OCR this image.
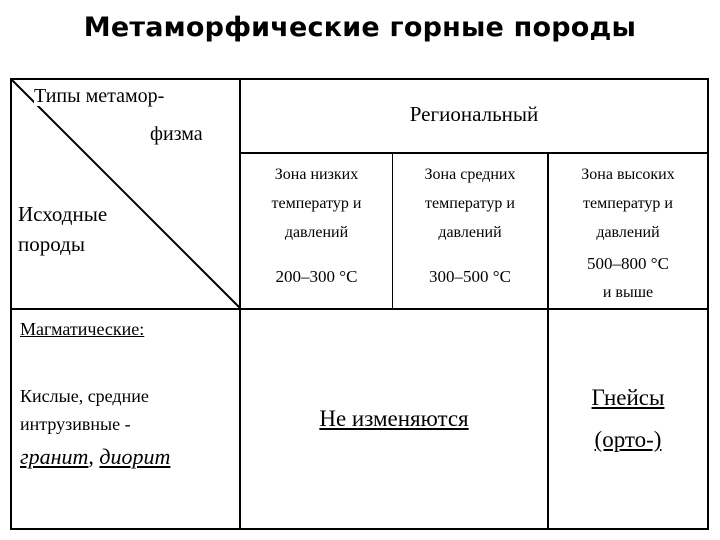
Метаморфические горные породы
Типы метамор-
физма
Исходные
породы
Региональный
Зона низких
температур и
давлений
Зона средних
температур и
давлений
Зона высоких
температур и
давлений
200–300 °С	300–500 °С
500–800 °С
и выше
Магматические:
Кислые, средние
интрузивные -
гранит, диорит
Не изменяются
Гнейсы
(орто-)
